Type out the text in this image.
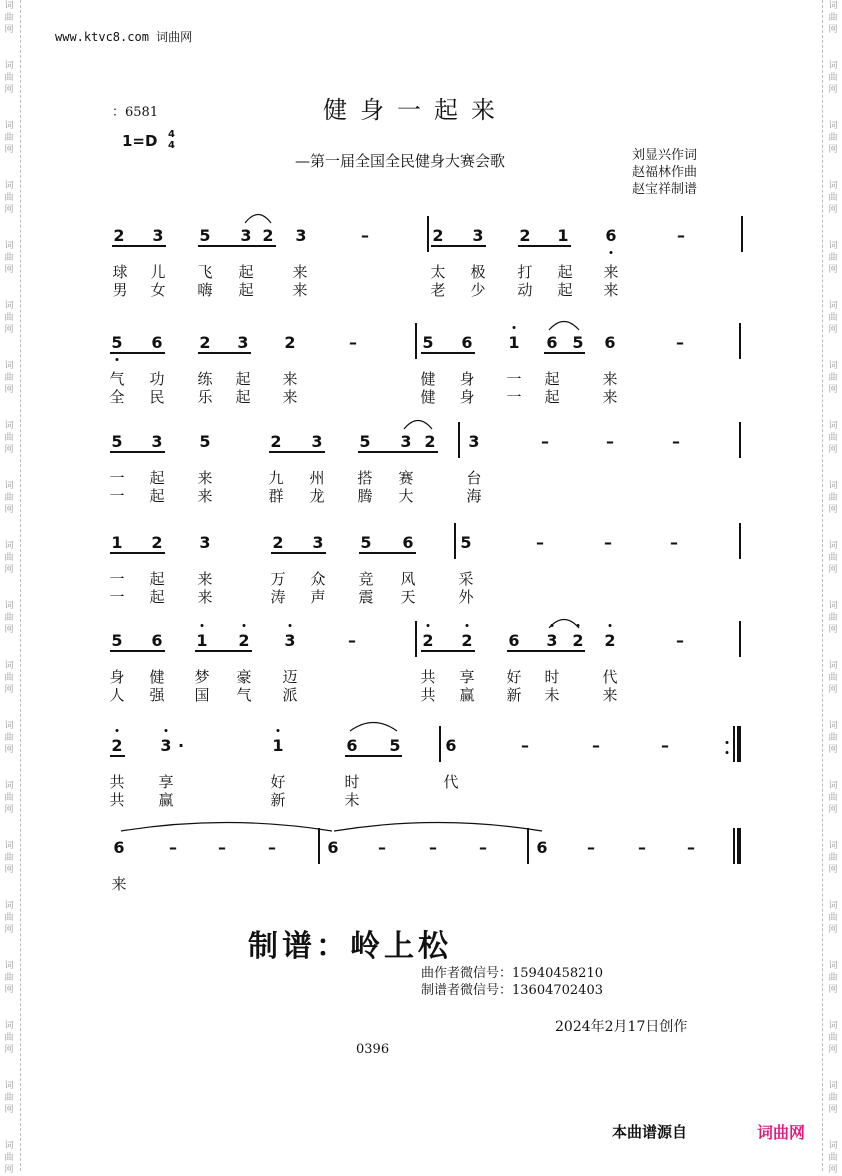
词
曲
网
词
曲
网
词
曲
网
词
曲
网
词
曲
网
词
曲
网
词
曲
网
词
曲
网
词
曲
网
词
曲
网
词
曲
网
词
曲
网
词
曲
网
词
曲
网
词
曲
网
词
曲
网
词
曲
网
词
曲
网
词
曲
网
词
曲
网
词
曲
网
词
曲
网
词
曲
网
词
曲
网
词
曲
网
词
曲
网
词
曲
网
词
曲
网
词
曲
网
词
曲
网
词
曲
网
词
曲
网
词
曲
网
词
曲
网
词
曲
网
词
曲
网
词
曲
网
词
曲
网
词
曲
网
词
曲
网
www.ktvc8.com 词曲网
：6581	健身一起来
—第一届全国全民健身大赛会歌
1=D 4
4
刘显兴作词
赵福林作曲
赵宝祥制谱
2 3 5 3 2 3	–	2 3 2 1 6	–
球 儿 飞 起	来	太 极 打 起 来
男 女 嗨 起	来	老 少 动 起 来
5 6 2 3 2	–	5 6 1 6 5 6	–
气 功 练 起 来	健 身 一 起	来
全 民 乐 起 来	健 身 一 起	来
5 3 5	2 3 5 3 2 3	–	–	–
一 起 来	九 州 搭 赛	台
一 起 来	群 龙 腾 大	海
1 2 3	2 3 5 6	5	–	–	–
一 起 来	万 众 竞 风	采
一 起 来	涛 声 震 天	外
5 6 1 2 3	–	2 2 6 3 2 2	–
身 健 梦 豪 迈	共 享 好 时	代
人 强 国 气 派	共 赢 新 未	来
2 3 ·	1	6 5	6	–	–	–
共 享	好	时	代
共 赢	新	未
6	–	–	–	6 –	–	–	6 –	–	–
来
制谱：岭上松
曲作者微信号：15940458210
制谱者微信号：13604702403
2024年2月17日创作
0396
本曲谱源自	词曲网
